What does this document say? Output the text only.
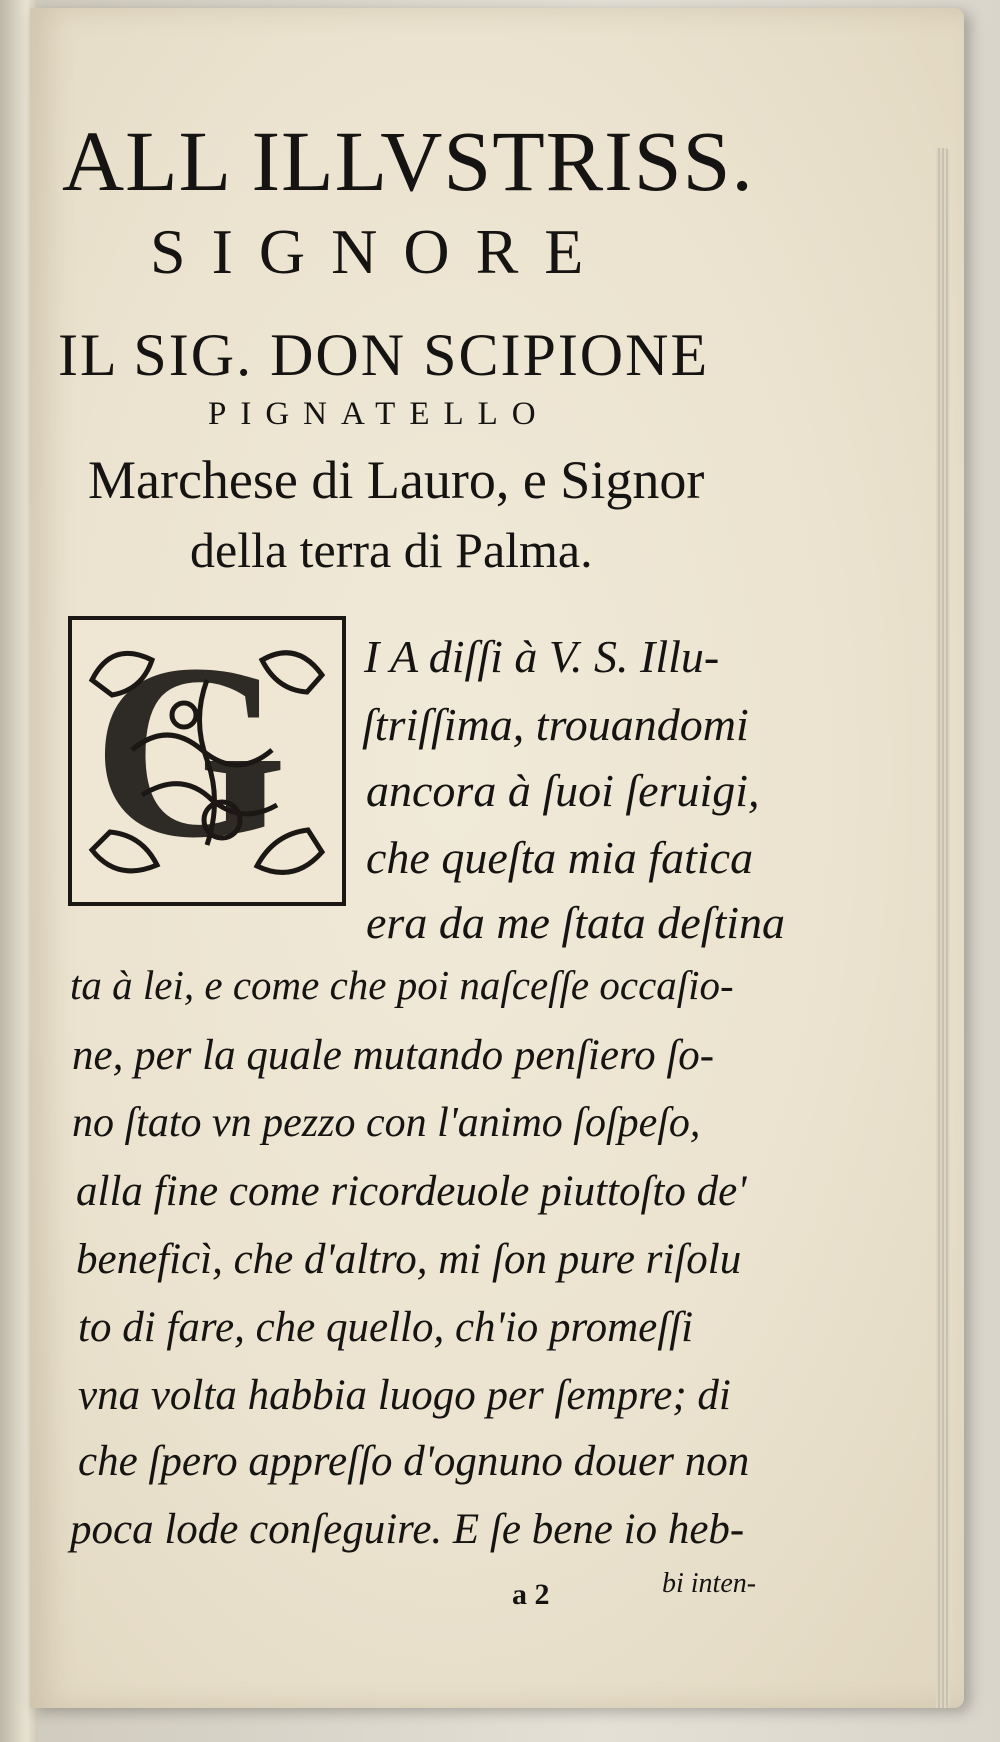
ALL ILLVSTRISS.
SIGNORE
IL SIG. DON SCIPIONE
PIGNATELLO
Marchese di Lauro, e Signor
della terra di Palma.
G I A diſſi à V. S. Illu-
ſtriſſima, trouandomi
ancora à ſuoi ſeruigi,
che queſta mia fatica
era da me ſtata deſtina
ta à lei, e come che poi naſceſſe occaſio-
ne, per la quale mutando penſiero ſo-
no ſtato vn pezzo con l'animo ſoſpeſo,
alla fine come ricordeuole piuttoſto de'
beneficì, che d'altro, mi ſon pure riſolu
to di fare, che quello, ch'io promeſſi
vna volta habbia luogo per ſempre; di
che ſpero appreſſo d'ognuno douer non
poca lode conſeguire. E ſe bene io heb-
a 2	bi inten-
